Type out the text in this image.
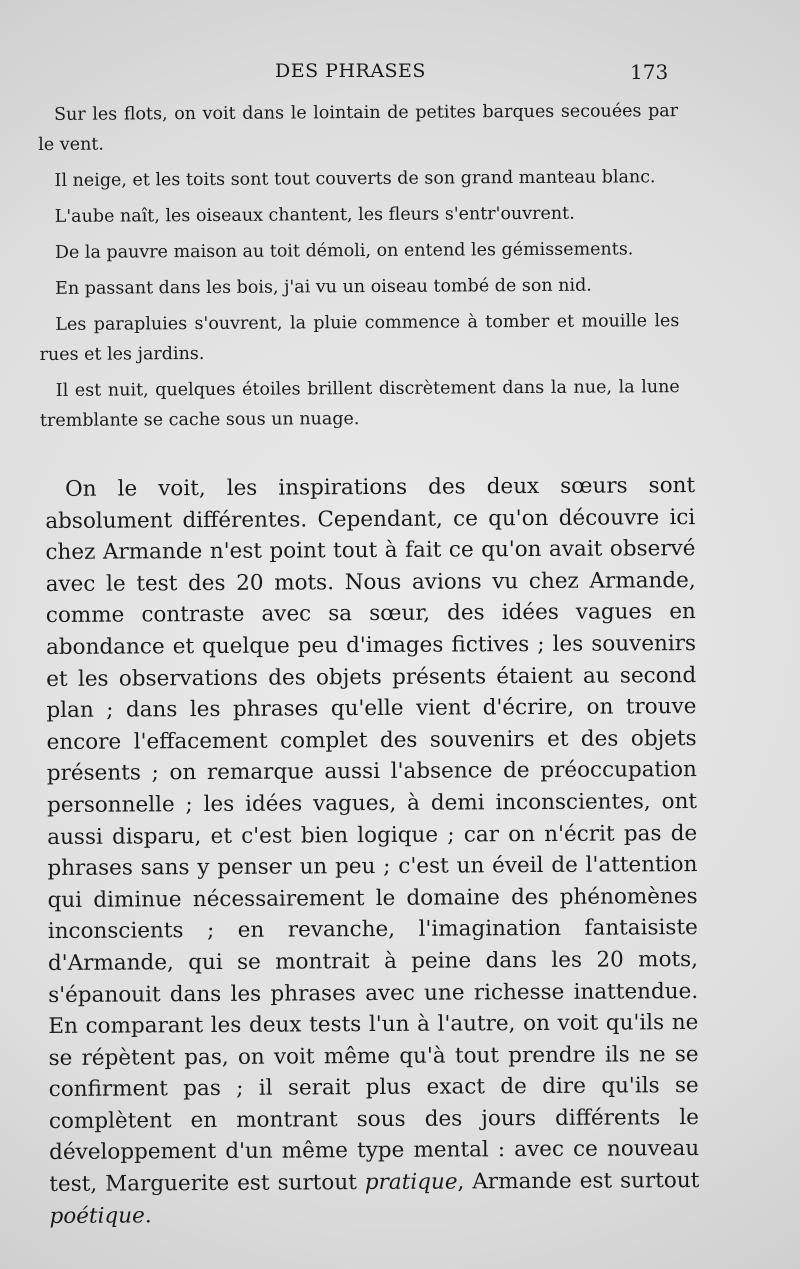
DES PHRASES	173

Sur les flots, on voit dans le lointain de petites barques secouées par le vent.

Il neige, et les toits sont tout couverts de son grand manteau blanc.

L'aube naît, les oiseaux chantent, les fleurs s'entr'ouvrent.

De la pauvre maison au toit démoli, on entend les gémissements.

En passant dans les bois, j'ai vu un oiseau tombé de son nid.

Les parapluies s'ouvrent, la pluie commence à tomber et mouille les rues et les jardins.

Il est nuit, quelques étoiles brillent discrètement dans la nue, la lune tremblante se cache sous un nuage.

On le voit, les inspirations des deux sœurs sont absolument différentes. Cependant, ce qu'on découvre ici chez Armande n'est point tout à fait ce qu'on avait observé avec le test des 20 mots. Nous avions vu chez Armande, comme contraste avec sa sœur, des idées vagues en abondance et quelque peu d'images fictives ; les souvenirs et les observations des objets présents étaient au second plan ; dans les phrases qu'elle vient d'écrire, on trouve encore l'effacement complet des souvenirs et des objets présents ; on remarque aussi l'absence de préoccupation personnelle ; les idées vagues, à demi inconscientes, ont aussi disparu, et c'est bien logique ; car on n'écrit pas de phrases sans y penser un peu ; c'est un éveil de l'attention qui diminue nécessairement le domaine des phénomènes inconscients ; en revanche, l'imagination fantaisiste d'Armande, qui se montrait à peine dans les 20 mots, s'épanouit dans les phrases avec une richesse inattendue. En comparant les deux tests l'un à l'autre, on voit qu'ils ne se répètent pas, on voit même qu'à tout prendre ils ne se confirment pas ; il serait plus exact de dire qu'ils se complètent en montrant sous des jours différents le développement d'un même type mental : avec ce nouveau test, Marguerite est surtout pratique, Armande est surtout poétique.
